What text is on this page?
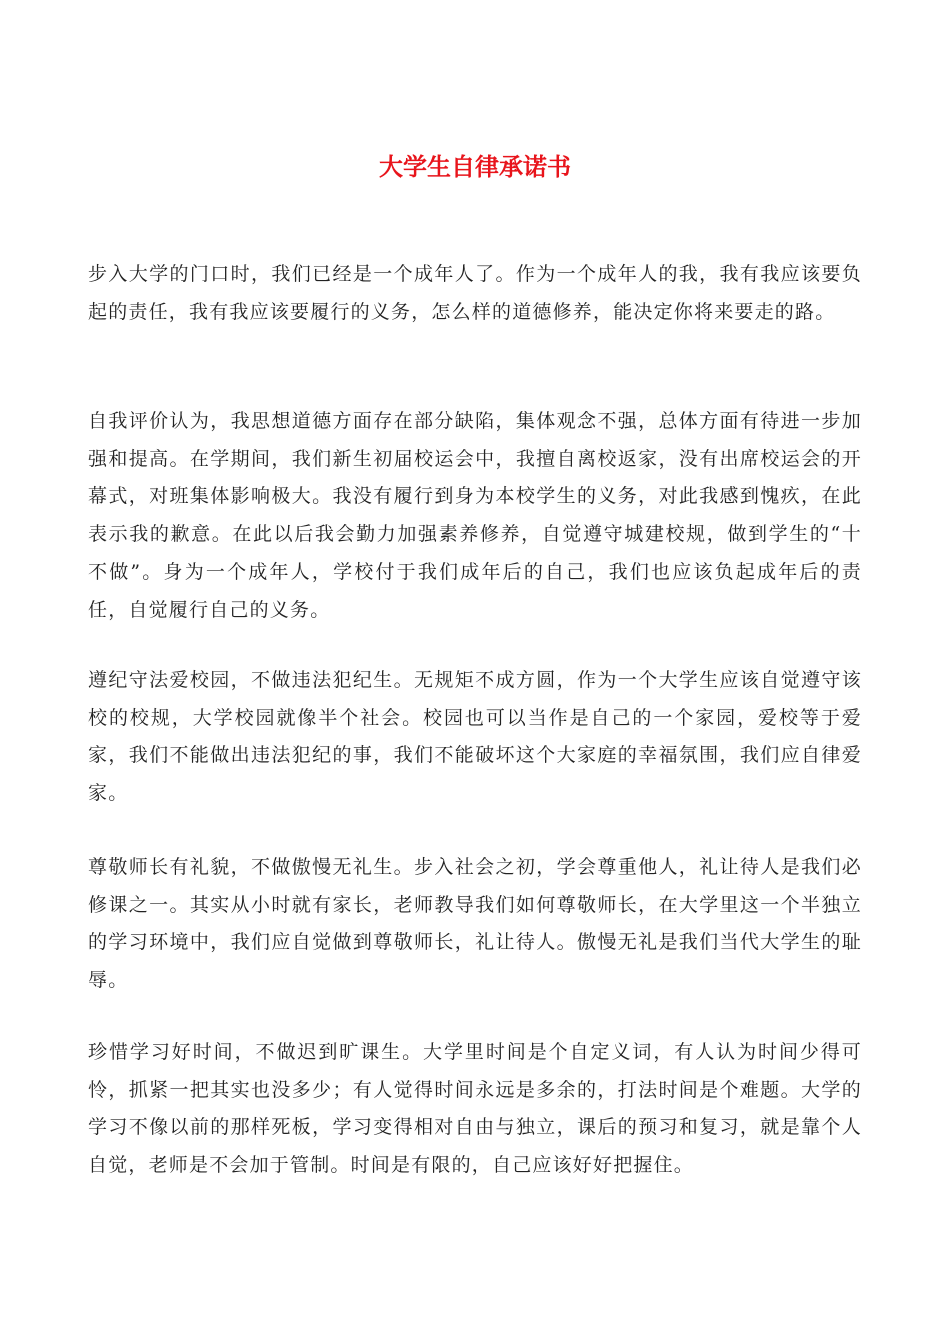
大学生自律承诺书

步入大学的门口时，我们已经是一个成年人了。作为一个成年人的我，我有我应该要负起的责任，我有我应该要履行的义务，怎么样的道德修养，能决定你将来要走的路。

自我评价认为，我思想道德方面存在部分缺陷，集体观念不强，总体方面有待进一步加强和提高。在学期间，我们新生初届校运会中，我擅自离校返家，没有出席校运会的开幕式，对班集体影响极大。我没有履行到身为本校学生的义务，对此我感到愧疚，在此表示我的歉意。在此以后我会勤力加强素养修养，自觉遵守城建校规，做到学生的“十不做”。身为一个成年人，学校付于我们成年后的自己，我们也应该负起成年后的责任，自觉履行自己的义务。

遵纪守法爱校园，不做违法犯纪生。无规矩不成方圆，作为一个大学生应该自觉遵守该校的校规，大学校园就像半个社会。校园也可以当作是自己的一个家园，爱校等于爱家，我们不能做出违法犯纪的事，我们不能破坏这个大家庭的幸福氛围，我们应自律爱家。

尊敬师长有礼貌，不做傲慢无礼生。步入社会之初，学会尊重他人，礼让待人是我们必修课之一。其实从小时就有家长，老师教导我们如何尊敬师长，在大学里这一个半独立的学习环境中，我们应自觉做到尊敬师长，礼让待人。傲慢无礼是我们当代大学生的耻辱。

珍惜学习好时间，不做迟到旷课生。大学里时间是个自定义词，有人认为时间少得可怜，抓紧一把其实也没多少；有人觉得时间永远是多余的，打法时间是个难题。大学的学习不像以前的那样死板，学习变得相对自由与独立，课后的预习和复习，就是靠个人自觉，老师是不会加于管制。时间是有限的，自己应该好好把握住。
